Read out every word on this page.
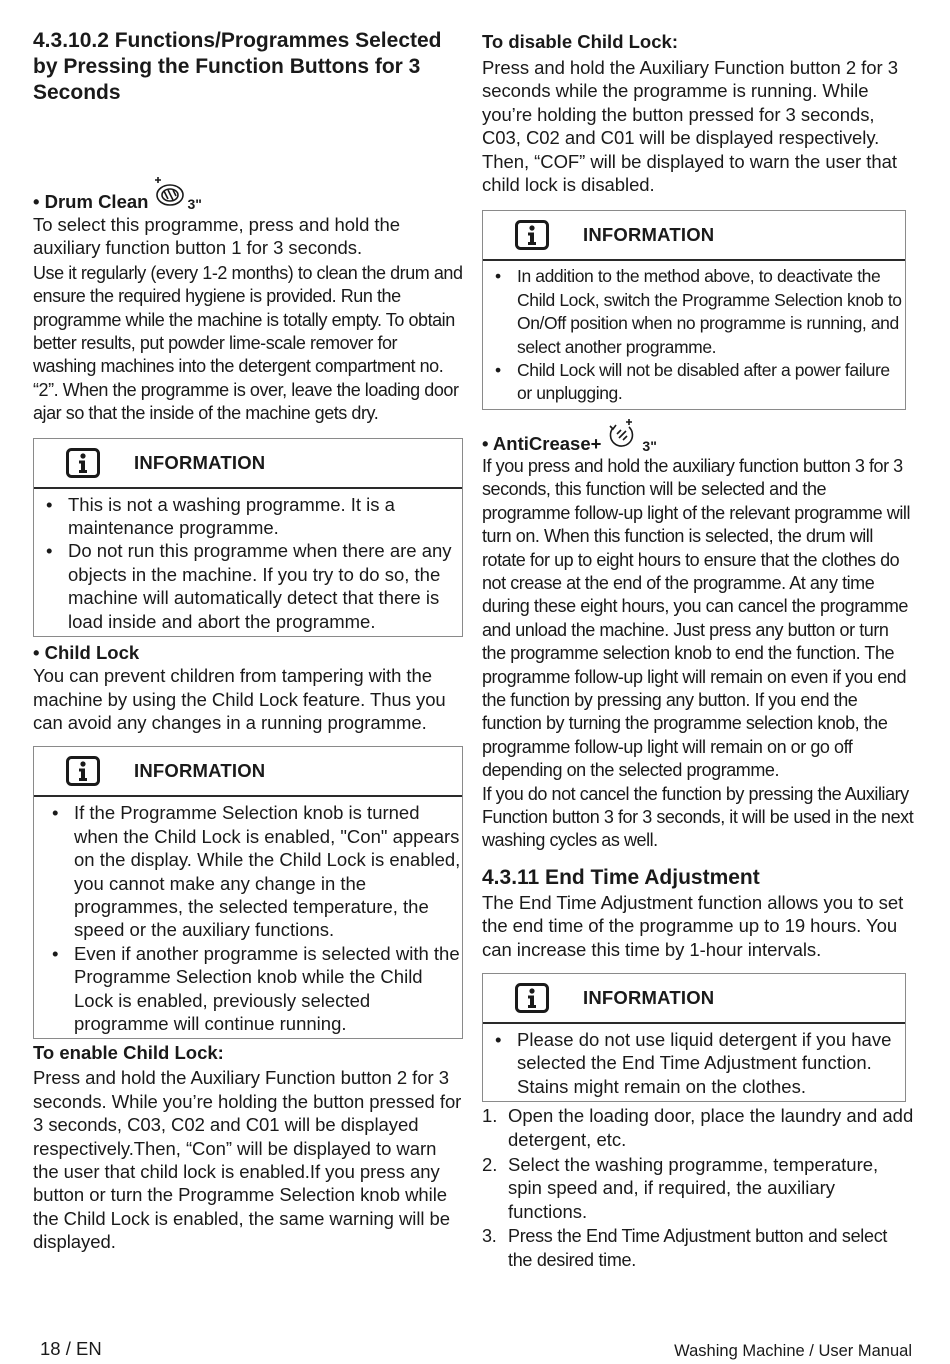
4.3.10.2 Functions/Programmes Selected by Pressing the Function Buttons for 3 Seconds
• Drum Clean	3"

To select this programme, press and hold the auxiliary function button 1 for 3 seconds.

Use it regularly (every 1-2 months) to clean the drum and ensure the required hygiene is provided. Run the programme while the machine is totally empty. To obtain better results, put powder lime-scale remover for washing machines into the detergent compartment no. “2”. When the programme is over, leave the loading door ajar so that the inside of the machine gets dry.

INFORMATION
• This is not a washing programme. It is a maintenance programme.
• Do not run this programme when there are any objects in the machine. If you try to do so, the machine will automatically detect that there is load inside and abort the programme.
• Child Lock

You can prevent children from tampering with the machine by using the Child Lock feature. Thus you can avoid any changes in a running programme.

INFORMATION
• If the Programme Selection knob is turned when the Child Lock is enabled, "Con" appears on the display. While the Child Lock is enabled, you cannot make any change in the programmes, the selected temperature, the speed or the auxiliary functions.
• Even if another programme is selected with the Programme Selection knob while the Child Lock is enabled, previously selected programme will continue running.
To enable Child Lock:

Press and hold the Auxiliary Function button 2 for 3 seconds. While you’re holding the button pressed for 3 seconds, C03, C02 and C01 will be displayed respectively.Then, “Con” will be displayed to warn the user that child lock is enabled.If you press any button or turn the Programme Selection knob while the Child Lock is enabled, the same warning will be displayed.

To disable Child Lock:

Press and hold the Auxiliary Function button 2 for 3 seconds while the programme is running. While you’re holding the button pressed for 3 seconds, C03, C02 and C01 will be displayed respectively. Then, “COF” will be displayed to warn the user that child lock is disabled.

INFORMATION
• In addition to the method above, to deactivate the Child Lock, switch the Programme Selection knob to On/Off position when no programme is running, and select another programme.
• Child Lock will not be disabled after a power failure or unplugging.
• AntiCrease+	3"

If you press and hold the auxiliary function button 3 for 3 seconds, this function will be selected and the programme follow-up light of the relevant programme will turn on. When this function is selected, the drum will rotate for up to eight hours to ensure that the clothes do not crease at the end of the programme. At any time during these eight hours, you can cancel the programme and unload the machine. Just press any button or turn the programme selection knob to end the function. The programme follow-up light will remain on even if you end the function by pressing any button. If you end the function by turning the programme selection knob, the programme follow-up light will remain on or go off depending on the selected programme.

If you do not cancel the function by pressing the Auxiliary Function button 3 for 3 seconds, it will be used in the next washing cycles as well.

4.3.11 End Time Adjustment

The End Time Adjustment function allows you to set the end time of the programme up to 19 hours. You can increase this time by 1-hour intervals.

INFORMATION
• Please do not use liquid detergent if you have selected the End Time Adjustment function. Stains might remain on the clothes.
1. Open the loading door, place the laundry and add detergent, etc.
2. Select the washing programme, temperature, spin speed and, if required, the auxiliary functions.
3. Press the End Time Adjustment button and select the desired time.
18 / EN	Washing Machine / User Manual
